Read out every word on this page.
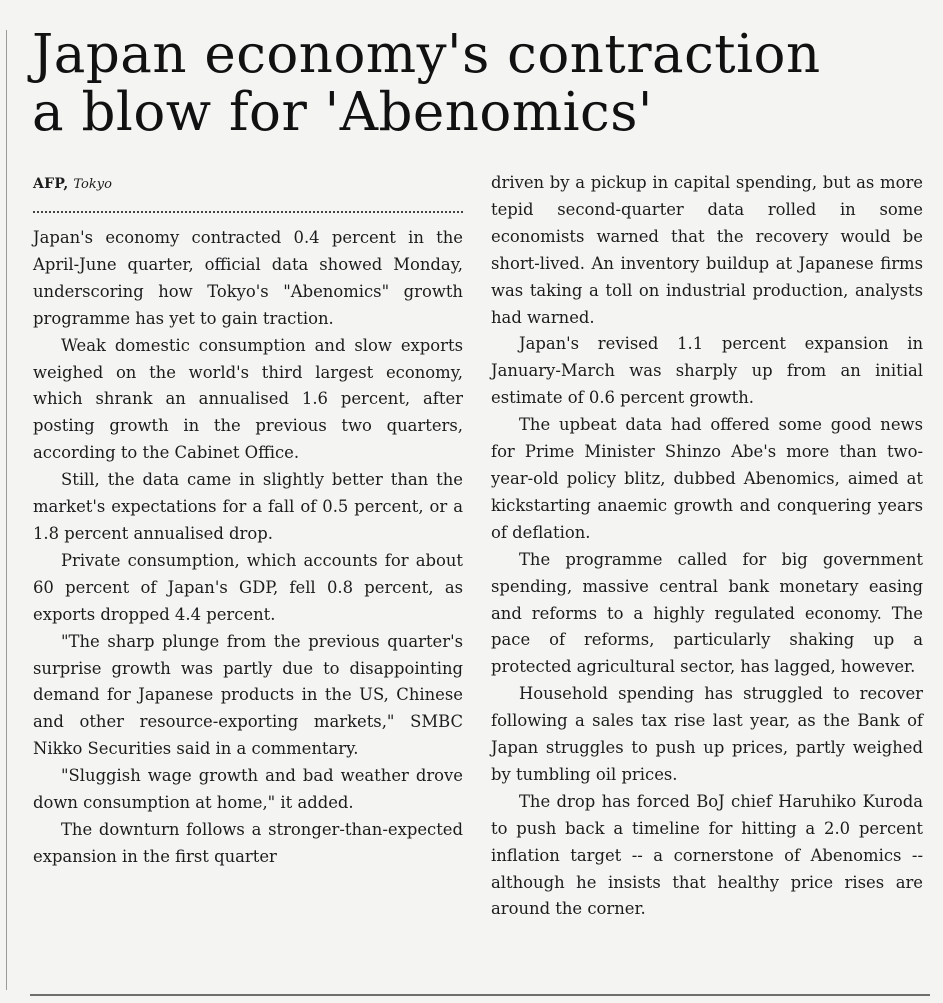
Japan economy's contraction
a blow for 'Abenomics'
AFP, Tokyo

Japan's economy contracted 0.4 percent in the April-June quarter, official data showed Monday, underscoring how Tokyo's "Abenomics" growth programme has yet to gain traction.

Weak domestic consumption and slow exports weighed on the world's third largest economy, which shrank an annualised 1.6 percent, after posting growth in the previous two quarters, according to the Cabinet Office.

Still, the data came in slightly better than the market's expectations for a fall of 0.5 percent, or a 1.8 percent annualised drop.

Private consumption, which accounts for about 60 percent of Japan's GDP, fell 0.8 percent, as exports dropped 4.4 percent.

"The sharp plunge from the previous quarter's surprise growth was partly due to disappointing demand for Japanese products in the US, Chinese and other resource-exporting markets," SMBC Nikko Securities said in a commentary.

"Sluggish wage growth and bad weather drove down consumption at home," it added.

The downturn follows a stronger-than-expected expansion in the first quarter

driven by a pickup in capital spending, but as more tepid second-quarter data rolled in some economists warned that the recovery would be short-lived. An inventory buildup at Japanese firms was taking a toll on industrial production, analysts had warned.

Japan's revised 1.1 percent expansion in January-March was sharply up from an initial estimate of 0.6 percent growth.

The upbeat data had offered some good news for Prime Minister Shinzo Abe's more than two-year-old policy blitz, dubbed Abenomics, aimed at kickstarting anaemic growth and conquering years of deflation.

The programme called for big government spending, massive central bank monetary easing and reforms to a highly regulated economy. The pace of reforms, particularly shaking up a protected agricultural sector, has lagged, however.

Household spending has struggled to recover following a sales tax rise last year, as the Bank of Japan struggles to push up prices, partly weighed by tumbling oil prices.

The drop has forced BoJ chief Haruhiko Kuroda to push back a timeline for hitting a 2.0 percent inflation target -- a cornerstone of Abenomics -- although he insists that healthy price rises are around the corner.
